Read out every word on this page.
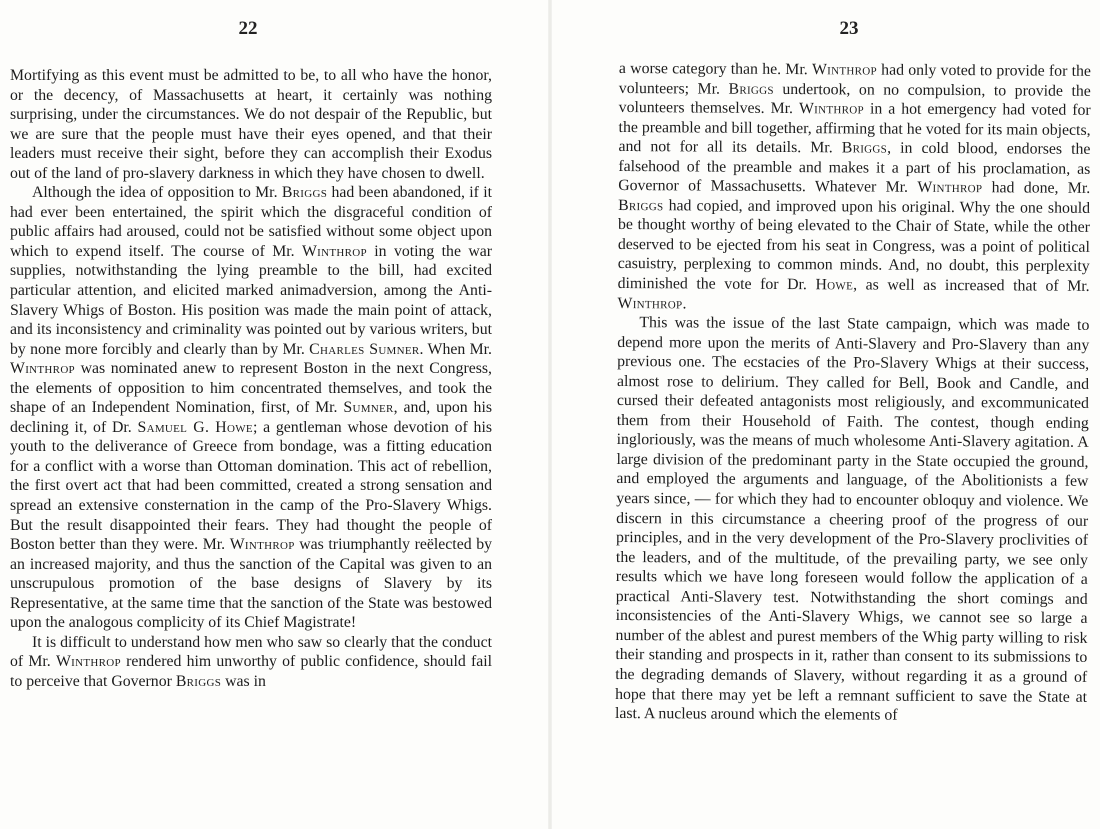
22

Mortifying as this event must be admitted to be, to all who have the honor, or the decency, of Massachusetts at heart, it certainly was nothing surprising, under the circumstances. We do not despair of the Republic, but we are sure that the people must have their eyes opened, and that their leaders must receive their sight, before they can accomplish their Exodus out of the land of pro-slavery darkness in which they have chosen to dwell.

Although the idea of opposition to Mr. Briggs had been abandoned, if it had ever been entertained, the spirit which the disgraceful condition of public affairs had aroused, could not be satisfied without some object upon which to expend itself. The course of Mr. Winthrop in voting the war supplies, notwithstanding the lying preamble to the bill, had excited particular attention, and elicited marked animadversion, among the Anti-Slavery Whigs of Boston. His position was made the main point of attack, and its inconsistency and criminality was pointed out by various writers, but by none more forcibly and clearly than by Mr. Charles Sumner. When Mr. Winthrop was nominated anew to represent Boston in the next Congress, the elements of opposition to him concentrated themselves, and took the shape of an Independent Nomination, first, of Mr. Sumner, and, upon his declining it, of Dr. Samuel G. Howe; a gentleman whose devotion of his youth to the deliverance of Greece from bondage, was a fitting education for a conflict with a worse than Ottoman domination. This act of rebellion, the first overt act that had been committed, created a strong sensation and spread an extensive consternation in the camp of the Pro-Slavery Whigs. But the result disappointed their fears. They had thought the people of Boston better than they were. Mr. Winthrop was triumphantly reëlected by an increased majority, and thus the sanction of the Capital was given to an unscrupulous promotion of the base designs of Slavery by its Representative, at the same time that the sanction of the State was bestowed upon the analogous complicity of its Chief Magistrate!

It is difficult to understand how men who saw so clearly that the conduct of Mr. Winthrop rendered him unworthy of public confidence, should fail to perceive that Governor Briggs was in

23

a worse category than he. Mr. Winthrop had only voted to provide for the volunteers; Mr. Briggs undertook, on no compulsion, to provide the volunteers themselves. Mr. Winthrop in a hot emergency had voted for the preamble and bill together, affirming that he voted for its main objects, and not for all its details. Mr. Briggs, in cold blood, endorses the falsehood of the preamble and makes it a part of his proclamation, as Governor of Massachusetts. Whatever Mr. Winthrop had done, Mr. Briggs had copied, and improved upon his original. Why the one should be thought worthy of being elevated to the Chair of State, while the other deserved to be ejected from his seat in Congress, was a point of political casuistry, perplexing to common minds. And, no doubt, this perplexity diminished the vote for Dr. Howe, as well as increased that of Mr. Winthrop.

This was the issue of the last State campaign, which was made to depend more upon the merits of Anti-Slavery and Pro-Slavery than any previous one. The ecstacies of the Pro-Slavery Whigs at their success, almost rose to delirium. They called for Bell, Book and Candle, and cursed their defeated antagonists most religiously, and excommunicated them from their Household of Faith. The contest, though ending ingloriously, was the means of much wholesome Anti-Slavery agitation. A large division of the predominant party in the State occupied the ground, and employed the arguments and language, of the Abolitionists a few years since, — for which they had to encounter obloquy and violence. We discern in this circumstance a cheering proof of the progress of our principles, and in the very development of the Pro-Slavery proclivities of the leaders, and of the multitude, of the prevailing party, we see only results which we have long foreseen would follow the application of a practical Anti-Slavery test. Notwithstanding the short comings and inconsistencies of the Anti-Slavery Whigs, we cannot see so large a number of the ablest and purest members of the Whig party willing to risk their standing and prospects in it, rather than consent to its submissions to the degrading demands of Slavery, without regarding it as a ground of hope that there may yet be left a remnant sufficient to save the State at last. A nucleus around which the elements of
